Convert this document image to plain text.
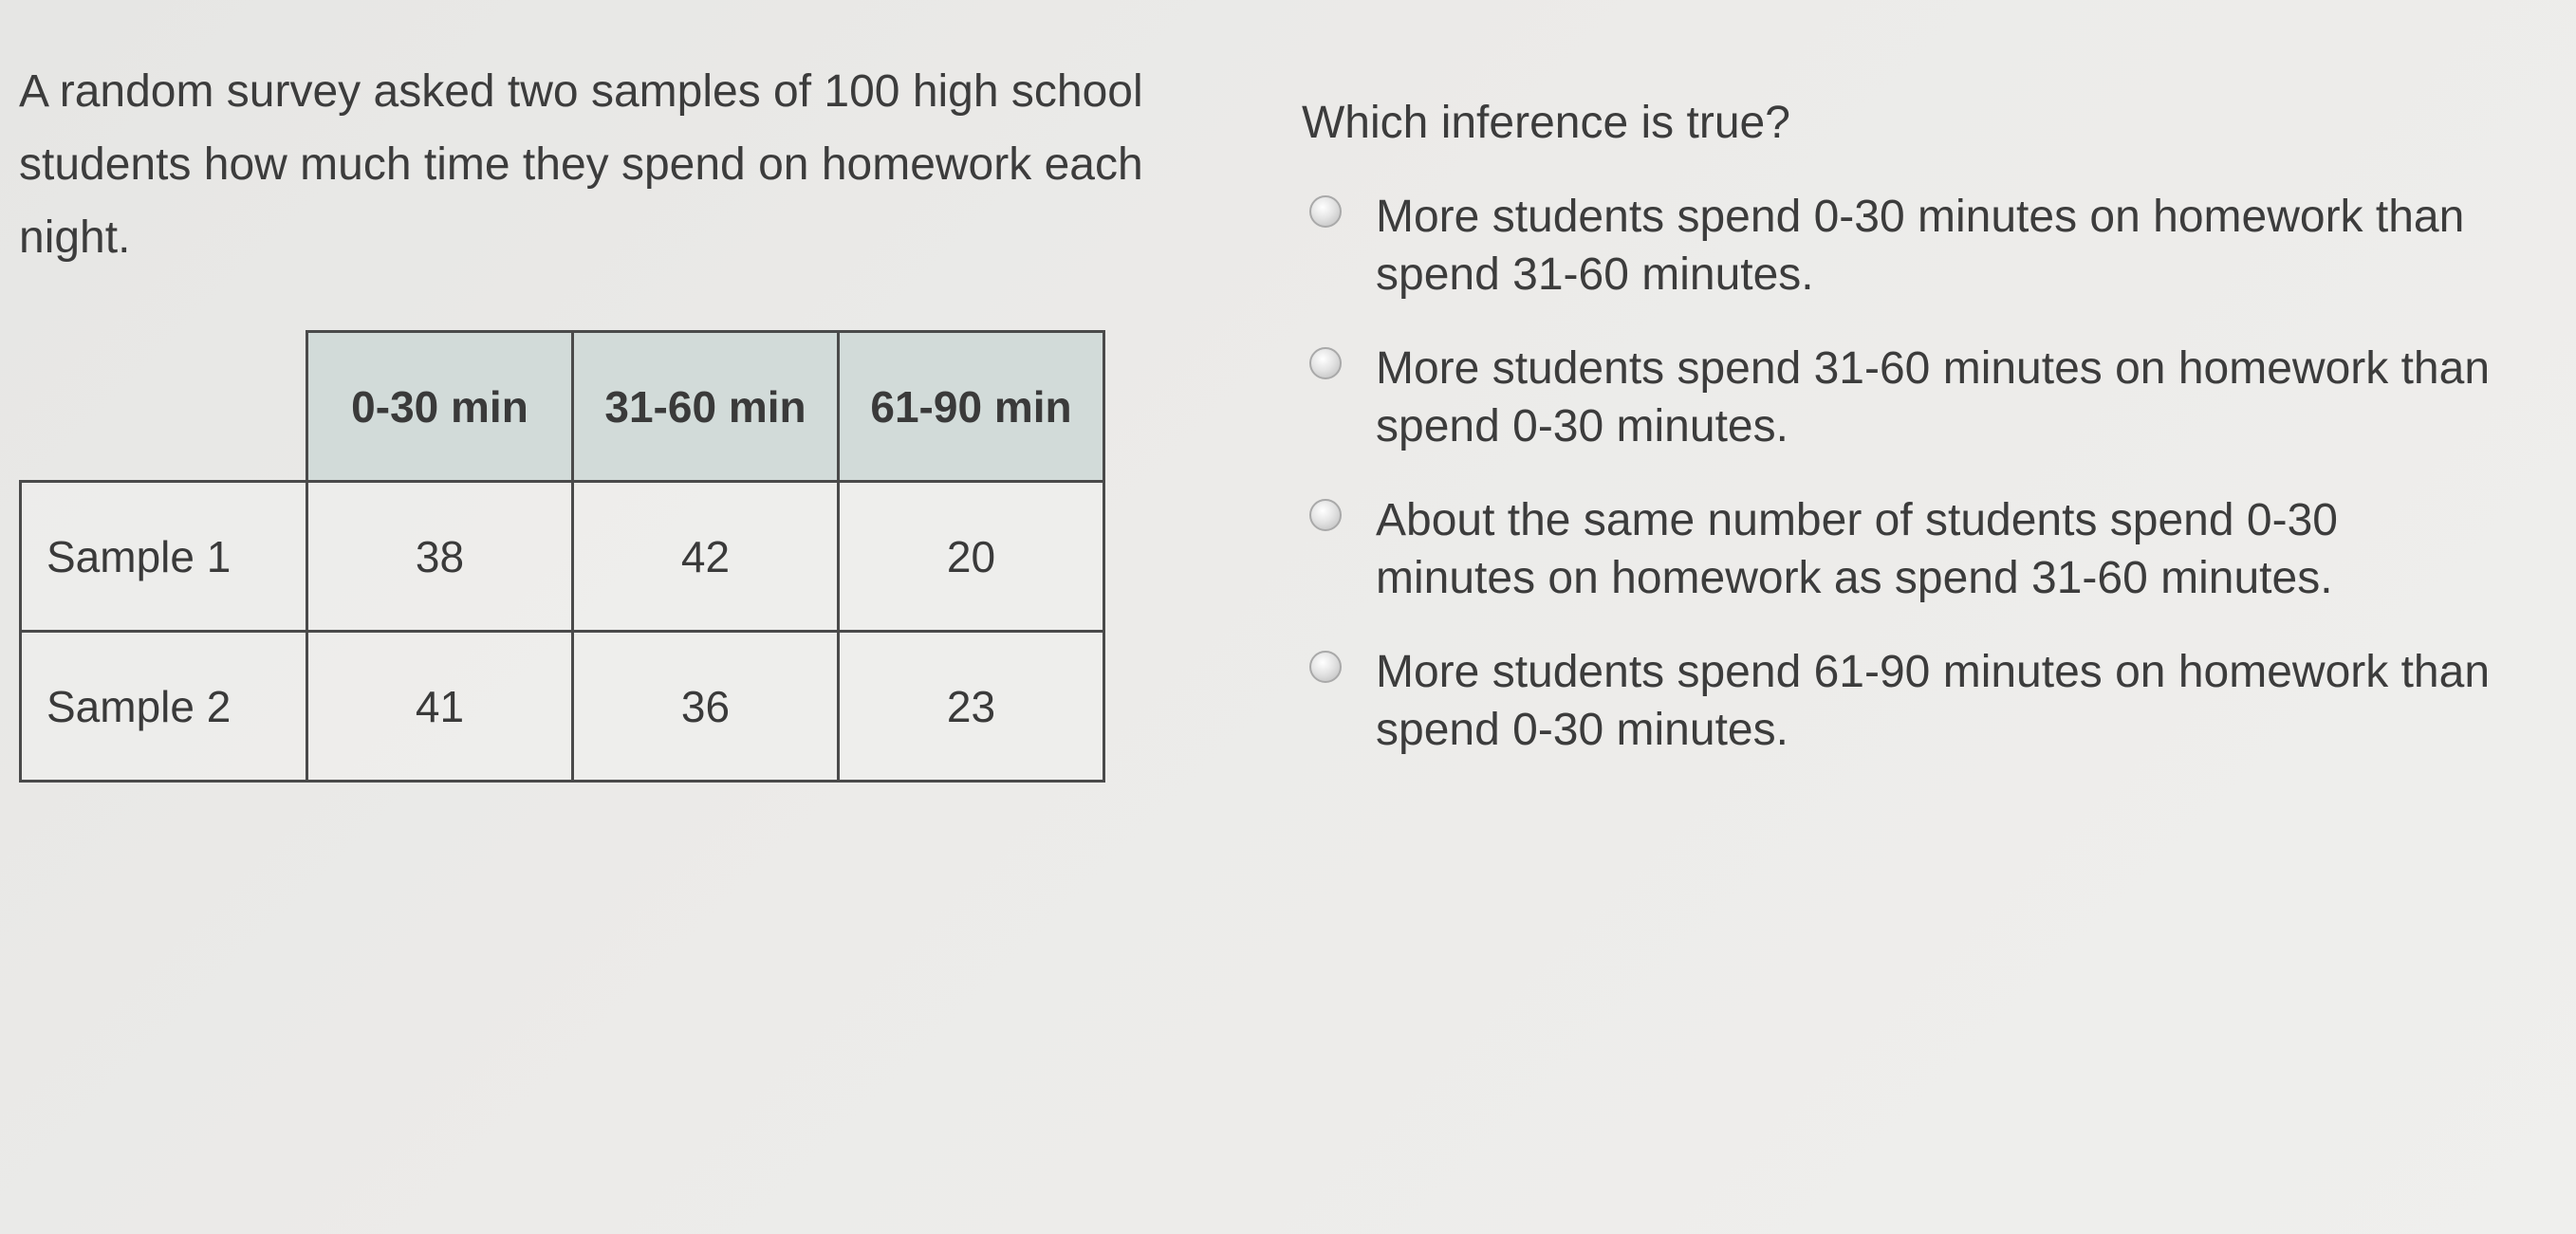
A random survey asked two samples of 100 high school students how much time they spend on homework each night.

	0-30 min	31-60 min	61-90 min
Sample 1	38	42	20
Sample 2	41	36	23

Which inference is true?

More students spend 0-30 minutes on homework than spend 31-60 minutes.
More students spend 31-60 minutes on homework than spend 0-30 minutes.
About the same number of students spend 0-30 minutes on homework as spend 31-60 minutes.
More students spend 61-90 minutes on homework than spend 0-30 minutes.
